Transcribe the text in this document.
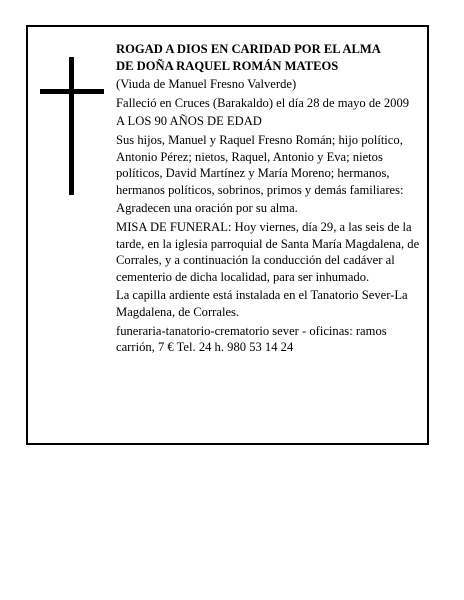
ROGAD A DIOS EN CARIDAD POR EL ALMA
DE DOÑA RAQUEL ROMÁN MATEOS

(Viuda de Manuel Fresno Valverde)

Falleció en Cruces (Barakaldo) el día 28 de mayo de 2009

A LOS 90 AÑOS DE EDAD

Sus hijos, Manuel y Raquel Fresno Román; hijo político, Antonio Pérez; nietos, Raquel, Antonio y Eva; nietos políticos, David Martínez y María Moreno; hermanos, hermanos políticos, sobrinos, primos y demás familiares:

Agradecen una oración por su alma.

MISA DE FUNERAL: Hoy viernes, día 29, a las seis de la tarde, en la iglesia parroquial de Santa María Magdalena, de Corrales, y a continuación la conducción del cadáver al cementerio de dicha localidad, para ser inhumado.

La capilla ardiente está instalada en el Tanatorio Sever-La Magdalena, de Corrales.

funeraria-tanatorio-crematorio sever - oficinas: ramos carrión, 7 € Tel. 24 h. 980 53 14 24
